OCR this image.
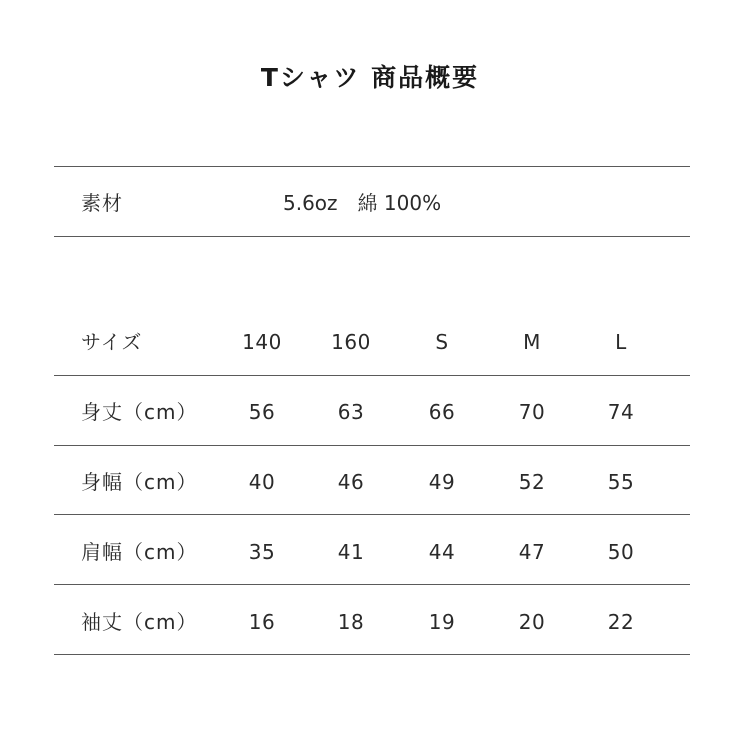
Tシャツ 商品概要
素材	5.6oz　綿 100%
サイズ	140	160	S	M	L
身丈（cm）	56	63	66	70	74
身幅（cm）	40	46	49	52	55
肩幅（cm）	35	41	44	47	50
袖丈（cm）	16	18	19	20	22
